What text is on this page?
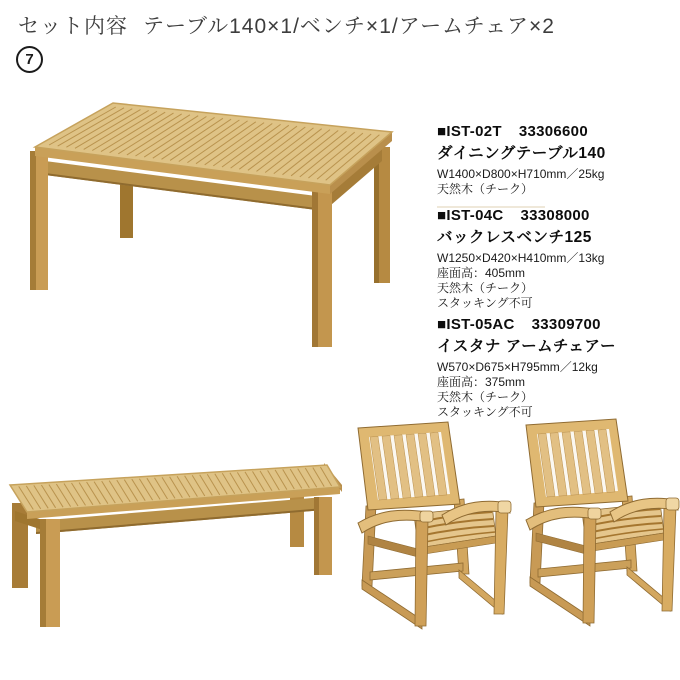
セット内容 テーブル140×1/ベンチ×1/アームチェア×2
7
■IST-02T 33306600
ダイニングテーブル140
W1400×D800×H710mm／25kg
天然木（チーク）
■IST-04C 33308000
バックレスベンチ125
W1250×D420×H410mm／13kg
座面高：405mm
天然木（チーク）
スタッキング不可
■IST-05AC 33309700
イスタナ アームチェアー
W570×D675×H795mm／12kg
座面高：375mm
天然木（チーク）
スタッキング不可
